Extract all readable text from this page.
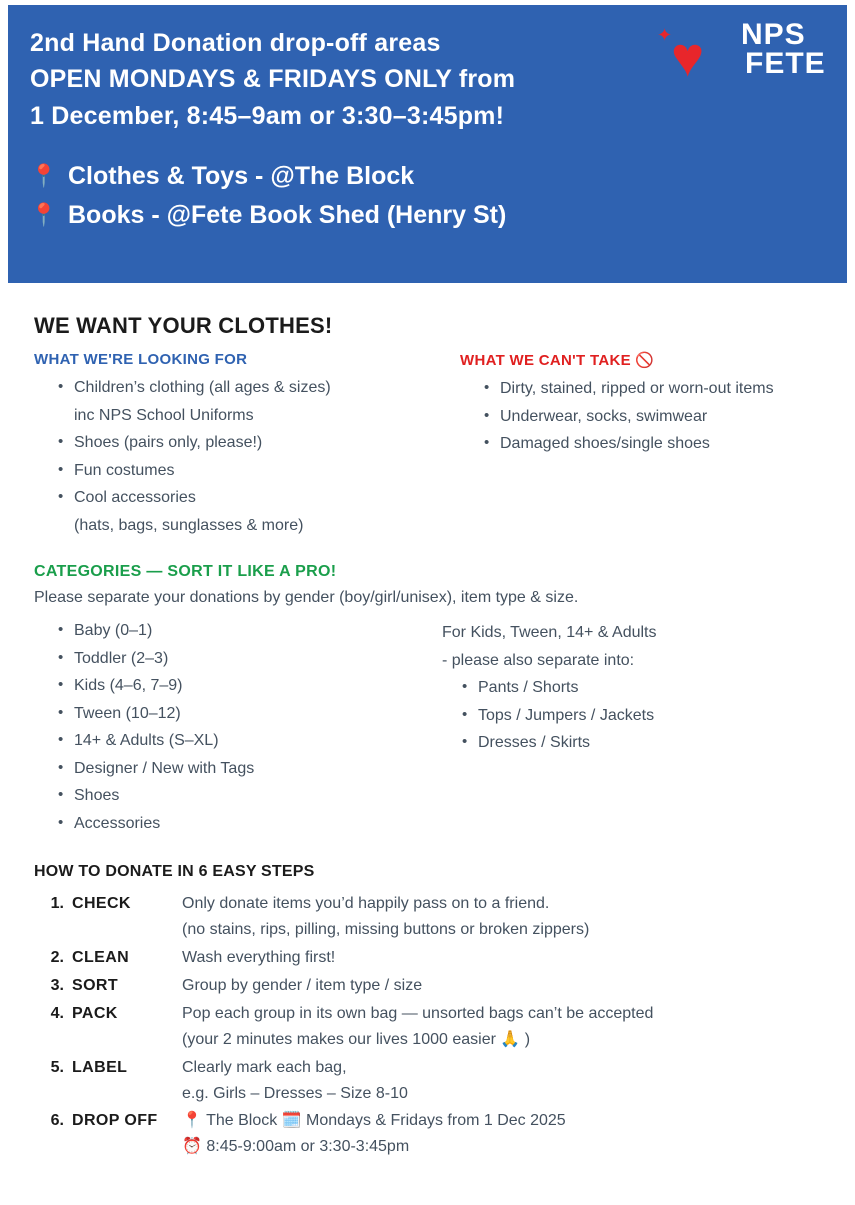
2nd Hand Donation drop-off areas
OPEN MONDAYS & FRIDAYS ONLY from
1 December, 8:45–9am or 3:30–3:45pm!
📍 Clothes & Toys - @The Block
📍 Books - @Fete Book Shed (Henry St)
✦
♥ NPS
FETE
WE WANT YOUR CLOTHES!
WHAT WE'RE LOOKING FOR
• Children’s clothing (all ages & sizes)
inc NPS School Uniforms
• Shoes (pairs only, please!)
• Fun costumes
• Cool accessories
(hats, bags, sunglasses & more)
WHAT WE CAN'T TAKE 🚫
• Dirty, stained, ripped or worn-out items
• Underwear, socks, swimwear
• Damaged shoes/single shoes
CATEGORIES — SORT IT LIKE A PRO!
Please separate your donations by gender (boy/girl/unisex), item type & size.
• Baby (0–1)
• Toddler (2–3)
• Kids (4–6, 7–9)
• Tween (10–12)
• 14+ & Adults (S–XL)
• Designer / New with Tags
• Shoes
• Accessories
For Kids, Tween, 14+ & Adults
- please also separate into:
• Pants / Shorts
• Tops / Jumpers / Jackets
• Dresses / Skirts
HOW TO DONATE IN 6 EASY STEPS
1. CHECK	Only donate items you’d happily pass on to a friend.
(no stains, rips, pilling, missing buttons or broken zippers)
2. CLEAN	Wash everything first!
3. SORT	Group by gender / item type / size
4. PACK	Pop each group in its own bag — unsorted bags can’t be accepted
(your 2 minutes makes our lives 1000 easier 🙏 )
5. LABEL	Clearly mark each bag,
e.g. Girls – Dresses – Size 8-10
6. DROP OFF	📍 The Block 🗓️ Mondays & Fridays from 1 Dec 2025
⏰ 8:45-9:00am or 3:30-3:45pm
